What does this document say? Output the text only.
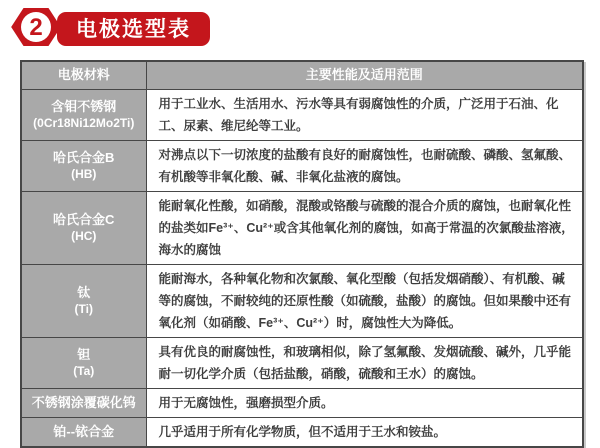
2 电极选型表
电极材料	主要性能及适用范围
含钼不锈钢
(0Cr18Ni12Mo2Ti)	用于工业水、生活用水、污水等具有弱腐蚀性的介质，广泛用于石油、化工、尿素、维尼纶等工业。
哈氏合金B
(HB)	对沸点以下一切浓度的盐酸有良好的耐腐蚀性，也耐硫酸、磷酸、氢氟酸、有机酸等非氧化酸、碱、非氧化盐液的腐蚀。
哈氏合金C
(HC)	能耐氧化性酸，如硝酸，混酸或铬酸与硫酸的混合介质的腐蚀，也耐氧化性的盐类如Fe³⁺、Cu²⁺或含其他氧化剂的腐蚀，如高于常温的次氯酸盐溶液，海水的腐蚀
钛
(Ti)	能耐海水，各种氧化物和次氯酸、氧化型酸（包括发烟硝酸）、有机酸、碱等的腐蚀，不耐较纯的还原性酸（如硫酸，盐酸）的腐蚀。但如果酸中还有氧化剂（如硝酸、Fe³⁺、Cu²⁺）时，腐蚀性大为降低。
钽
(Ta)	具有优良的耐腐蚀性，和玻璃相似，除了氢氟酸、发烟硫酸、碱外，几乎能耐一切化学介质（包括盐酸，硝酸，硫酸和王水）的腐蚀。
不锈钢涂覆碳化钨	用于无腐蚀性，强磨损型介质。
铂--铱合金	几乎适用于所有化学物质，但不适用于王水和铵盐。
